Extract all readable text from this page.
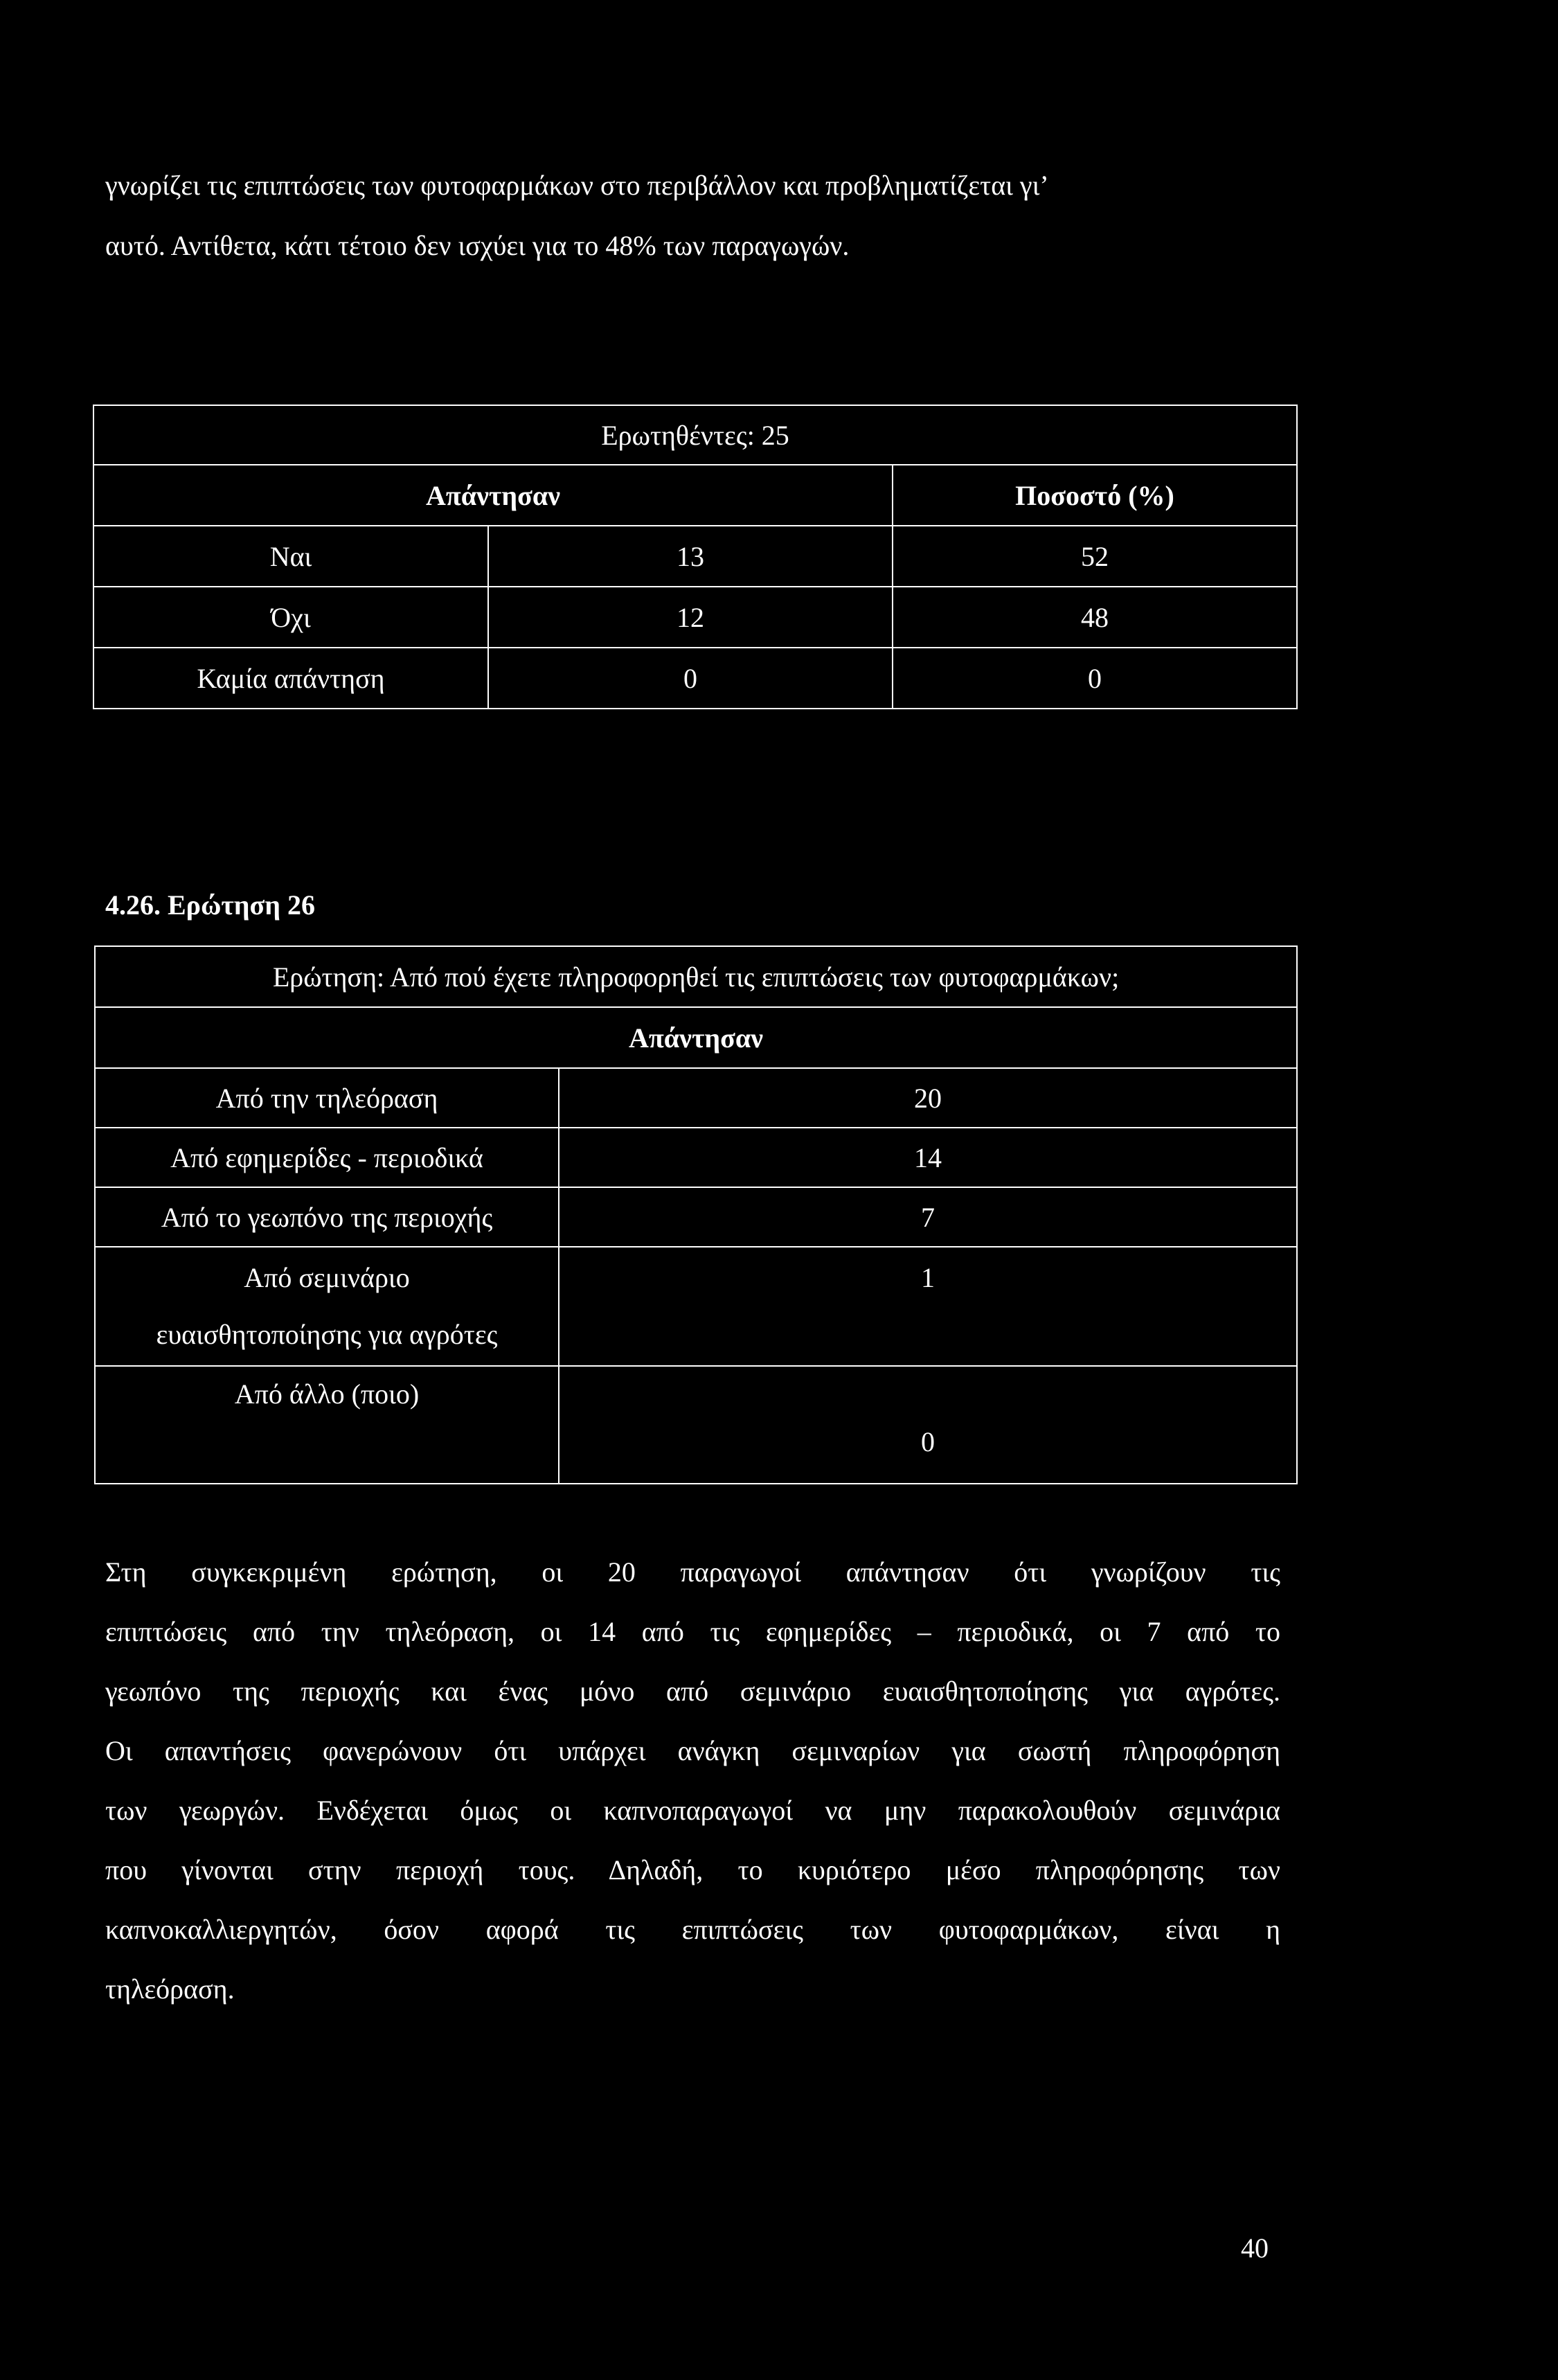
γνωρίζει τις επιπτώσεις των φυτοφαρμάκων στο περιβάλλον και προβληματίζεται γι’
αυτό. Αντίθετα, κάτι τέτοιο δεν ισχύει για το 48% των παραγωγών.
Ερωτηθέντες: 25		
Απάντησαν		Ποσοστό (%)
Ναι	13	52
Όχι	12	48
Καμία απάντηση	0	0
4.26. Ερώτηση 26
Ερώτηση: Από πού έχετε πληροφορηθεί τις επιπτώσεις των φυτοφαρμάκων;	
Απάντησαν	
Από την τηλεόραση	20
Από εφημερίδες - περιοδικά	14
Από το γεωπόνο της περιοχής	7

Από σεμινάριο
ευαισθητοποίησης για αγρότες	1
Από άλλο (ποιο)	0
Στη συγκεκριμένη ερώτηση, οι 20 παραγωγοί απάντησαν ότι γνωρίζουν τις
επιπτώσεις από την τηλεόραση, οι 14 από τις εφημερίδες – περιοδικά, οι 7 από το
γεωπόνο της περιοχής και ένας μόνο από σεμινάριο ευαισθητοποίησης για αγρότες.
Οι απαντήσεις φανερώνουν ότι υπάρχει ανάγκη σεμιναρίων για σωστή πληροφόρηση
των γεωργών. Ενδέχεται όμως οι καπνοπαραγωγοί να μην παρακολουθούν σεμινάρια
που γίνονται στην περιοχή τους. Δηλαδή, το κυριότερο μέσο πληροφόρησης των
καπνοκαλλιεργητών, όσον αφορά τις επιπτώσεις των φυτοφαρμάκων, είναι η
τηλεόραση.
40
